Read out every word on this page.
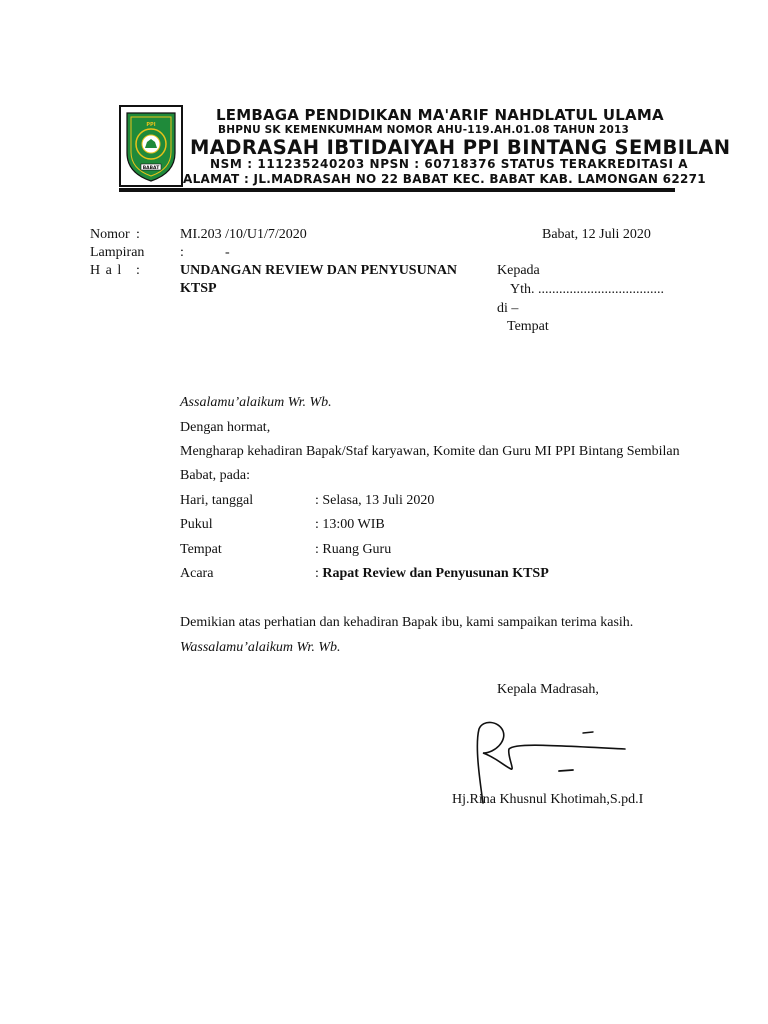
PPI
BABAT
LEMBAGA PENDIDIKAN MA'ARIF NAHDLATUL ULAMA
BHPNU SK KEMENKUMHAM NOMOR AHU-119.AH.01.08 TAHUN 2013
MADRASAH IBTIDAIYAH PPI BINTANG SEMBILAN
NSM : 111235240203 NPSN : 60718376 STATUS TERAKREDITASI A
ALAMAT : JL.MADRASAH NO 22 BABAT KEC. BABAT KAB. LAMONGAN 62271
Nomor :	MI.203 /10/U1/7/2020	Babat, 12 Juli 2020
Lampiran	:	-
H a l :	UNDANGAN REVIEW DAN PENYUSUNAN
KTSP
Kepada
Yth. ....................................
di –
Tempat
Assalamu’alaikum Wr. Wb.
Dengan hormat,
Mengharap kehadiran Bapak/Staf karyawan, Komite dan Guru MI PPI Bintang Sembilan
Babat, pada:
Hari, tanggal	: Selasa, 13 Juli 2020
Pukul	: 13:00 WIB
Tempat	: Ruang Guru
Acara	: Rapat Review dan Penyusunan KTSP
Demikian atas perhatian dan kehadiran Bapak ibu, kami sampaikan terima kasih.
Wassalamu’alaikum Wr. Wb.
Kepala Madrasah,
Hj.Rina Khusnul Khotimah,S.pd.I
